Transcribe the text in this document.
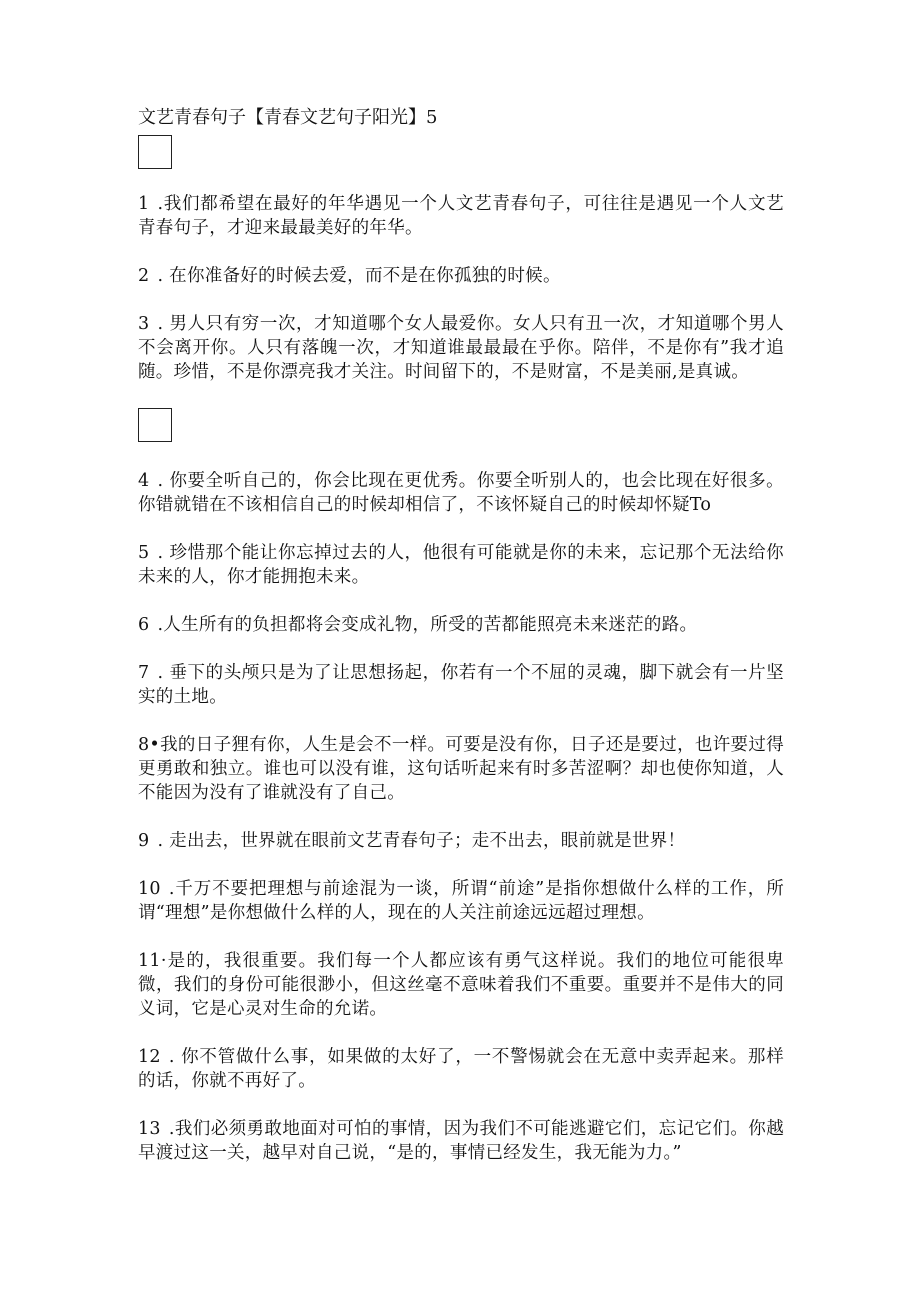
文艺青春句子【青春文艺句子阳光】5

1 .我们都希望在最好的年华遇见一个人文艺青春句子，可往往是遇见一个人文艺青春句子，才迎来最最美好的年华。

2 . 在你准备好的时候去爱，而不是在你孤独的时候。

3 . 男人只有穷一次，才知道哪个女人最爱你。女人只有丑一次，才知道哪个男人不会离开你。人只有落魄一次，才知道谁最最最在乎你。陪伴，不是你有”我才追随。珍惜，不是你漂亮我才关注。时间留下的，不是财富，不是美丽,是真诚。

4 . 你要全听自己的，你会比现在更优秀。你要全听别人的，也会比现在好很多。你错就错在不该相信自己的时候却相信了，不该怀疑自己的时候却怀疑To

5 . 珍惜那个能让你忘掉过去的人，他很有可能就是你的未来，忘记那个无法给你未来的人，你才能拥抱未来。

6 .人生所有的负担都将会变成礼物，所受的苦都能照亮未来迷茫的路。

7 . 垂下的头颅只是为了让思想扬起，你若有一个不屈的灵魂，脚下就会有一片坚实的土地。

8•我的日子狸有你，人生是会不一样。可要是没有你，日子还是要过，也许要过得更勇敢和独立。谁也可以没有谁，这句话听起来有时多苦涩啊？却也使你知道，人不能因为没有了谁就没有了自己。

9 . 走出去，世界就在眼前文艺青春句子；走不出去，眼前就是世界！

10 .千万不要把理想与前途混为一谈，所谓“前途”是指你想做什么样的工作，所谓“理想”是你想做什么样的人，现在的人关注前途远远超过理想。

11·是的，我很重要。我们每一个人都应该有勇气这样说。我们的地位可能很卑微，我们的身份可能很渺小，但这丝毫不意味着我们不重要。重要并不是伟大的同义词，它是心灵对生命的允诺。

12 . 你不管做什么事，如果做的太好了，一不警惕就会在无意中卖弄起来。那样的话，你就不再好了。

13 .我们必须勇敢地面对可怕的事情，因为我们不可能逃避它们，忘记它们。你越早渡过这一关，越早对自己说，“是的，事情已经发生，我无能为力。”
